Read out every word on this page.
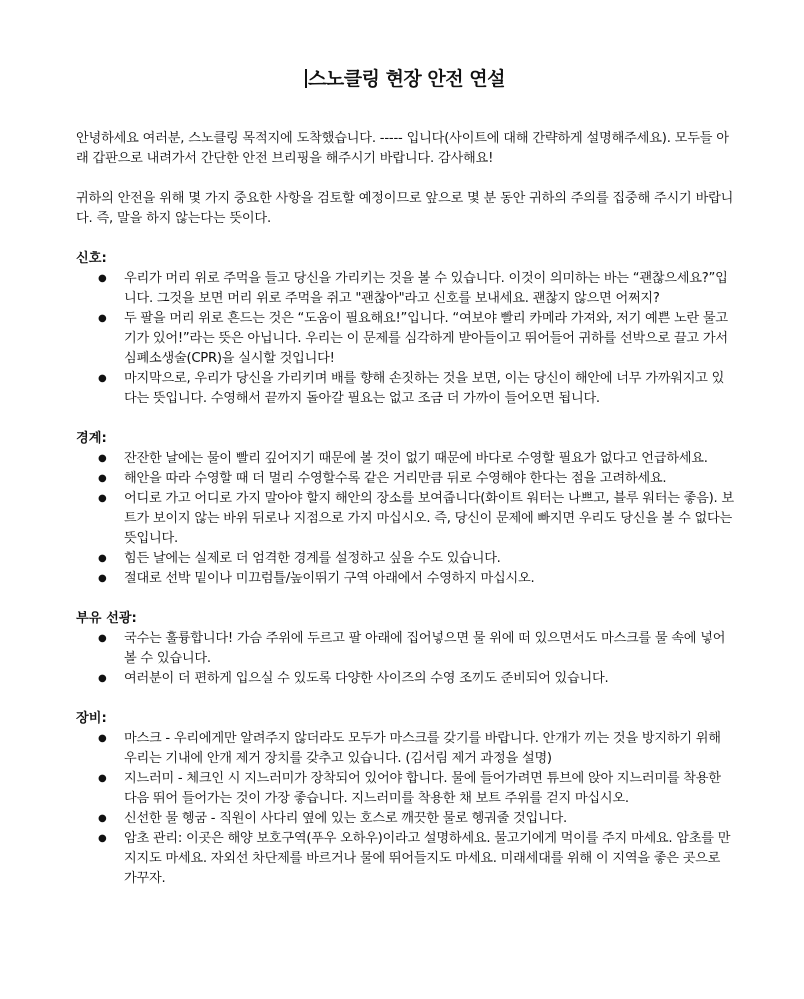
스노클링 현장 안전 연설

안녕하세요 여러분, 스노클링 목적지에 도착했습니다. ----- 입니다(사이트에 대해 간략하게 설명해주세요). 모두들 아래 갑판으로 내려가서 간단한 안전 브리핑을 해주시기 바랍니다. 감사해요!

귀하의 안전을 위해 몇 가지 중요한 사항을 검토할 예정이므로 앞으로 몇 분 동안 귀하의 주의를 집중해 주시기 바랍니다. 즉, 말을 하지 않는다는 뜻이다.

신호:

● 우리가 머리 위로 주먹을 들고 당신을 가리키는 것을 볼 수 있습니다. 이것이 의미하는 바는 “괜찮으세요?”입니다. 그것을 보면 머리 위로 주먹을 쥐고 "괜찮아"라고 신호를 보내세요. 괜찮지 않으면 어쩌지?
● 두 팔을 머리 위로 흔드는 것은 “도움이 필요해요!”입니다. “여보야 빨리 카메라 가져와, 저기 예쁜 노란 물고기가 있어!”라는 뜻은 아닙니다. 우리는 이 문제를 심각하게 받아들이고 뛰어들어 귀하를 선박으로 끌고 가서 심폐소생술(CPR)을 실시할 것입니다!
● 마지막으로, 우리가 당신을 가리키며 배를 향해 손짓하는 것을 보면, 이는 당신이 해안에 너무 가까워지고 있다는 뜻입니다. 수영해서 끝까지 돌아갈 필요는 없고 조금 더 가까이 들어오면 됩니다.

경계:

● 잔잔한 날에는 물이 빨리 깊어지기 때문에 볼 것이 없기 때문에 바다로 수영할 필요가 없다고 언급하세요.
● 해안을 따라 수영할 때 더 멀리 수영할수록 같은 거리만큼 뒤로 수영해야 한다는 점을 고려하세요.
● 어디로 가고 어디로 가지 말아야 할지 해안의 장소를 보여줍니다(화이트 워터는 나쁘고, 블루 워터는 좋음). 보트가 보이지 않는 바위 뒤로나 지점으로 가지 마십시오. 즉, 당신이 문제에 빠지면 우리도 당신을 볼 수 없다는 뜻입니다.
● 힘든 날에는 실제로 더 엄격한 경계를 설정하고 싶을 수도 있습니다.
● 절대로 선박 밑이나 미끄럼틀/높이뛰기 구역 아래에서 수영하지 마십시오.

부유 선광:

● 국수는 훌륭합니다! 가슴 주위에 두르고 팔 아래에 집어넣으면 물 위에 떠 있으면서도 마스크를 물 속에 넣어 볼 수 있습니다.
● 여러분이 더 편하게 입으실 수 있도록 다양한 사이즈의 수영 조끼도 준비되어 있습니다.

장비:

● 마스크 - 우리에게만 알려주지 않더라도 모두가 마스크를 갖기를 바랍니다. 안개가 끼는 것을 방지하기 위해 우리는 기내에 안개 제거 장치를 갖추고 있습니다. (김서림 제거 과정을 설명)
● 지느러미 - 체크인 시 지느러미가 장착되어 있어야 합니다. 물에 들어가려면 튜브에 앉아 지느러미를 착용한 다음 뛰어 들어가는 것이 가장 좋습니다. 지느러미를 착용한 채 보트 주위를 걷지 마십시오.
● 신선한 물 헹굼 - 직원이 사다리 옆에 있는 호스로 깨끗한 물로 헹궈줄 것입니다.
● 암초 관리: 이곳은 해양 보호구역(푸우 오하우)이라고 설명하세요. 물고기에게 먹이를 주지 마세요. 암초를 만지지도 마세요. 자외선 차단제를 바르거나 물에 뛰어들지도 마세요. 미래세대를 위해 이 지역을 좋은 곳으로 가꾸자.
